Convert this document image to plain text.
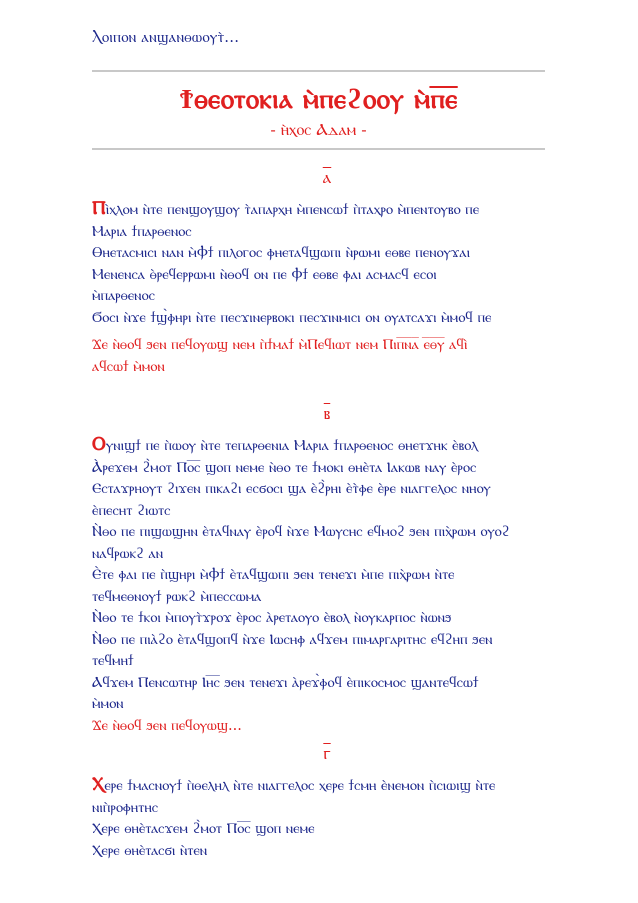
Ⲗⲟⲓⲡⲟⲛ ⲁⲛϣⲁⲛⲑⲱⲟⲩⲧ̀...
Ϯⲑⲉⲟⲧⲟⲕⲓⲁ ⲙ̀ⲡⲉϩⲟⲟⲩ ⲙ̀ⲡ̅ⲉ̅
- ⲏ̀ⲭⲟⲥ Ⲁⲇⲁⲙ -
ⲁ

Ⲡⲓ̀ⲭⲗⲟⲙ ⲛ̀ⲧⲉ ⲡⲉⲛϣⲟⲩϣⲟⲩ ⲧ̀ⲁⲡⲁⲣⲭⲏ ⲙ̀ⲡⲉⲛⲥⲱϯ ⲡ̀ⲧⲁⲭⲣⲟ ⲙ̀ⲡⲉⲛⲧⲟⲩⲃⲟ ⲡⲉ

Ⲙⲁⲣⲓⲁ ϯⲡⲁⲣⲑⲉⲛⲟⲥ

Ⲑⲏⲉⲧⲁⲥⲙⲓⲥⲓ ⲛⲁⲛ ⲙ̀Ⲫϯ ⲡⲓⲗⲟⲅⲟⲥ ⲫⲏⲉⲧⲁϥϣⲱⲡⲓ ⲛ̀ⲣⲱⲙⲓ ⲉⲑⲃⲉ ⲡⲉⲛⲟⲩϫⲁⲓ

Ⲙⲉⲛⲉⲛⲥⲁ ⲑ̀ⲣⲉϥⲉⲣⲣⲱⲙⲓ ⲛ̀ⲑⲟϥ ⲟⲛ ⲡⲉ Ⲫϯ ⲉⲑⲃⲉ ⲫⲁⲓ ⲁⲥⲙⲁⲥϥ ⲉⲥⲟⲓ

ⲙ̀ⲡⲁⲣⲑⲉⲛⲟⲥ

Ϭⲟⲥⲓ ⲛ̀ϫⲉ ϯϣ̀ⲫⲏⲣⲓ ⲛ̀ⲧⲉ ⲡⲉⲥϫⲓⲛⲉⲣⲃⲟⲕⲓ ⲡⲉⲥϫⲓⲛⲙⲓⲥⲓ ⲟⲛ ⲟⲩⲁⲧⲥⲁϫⲓ ⲙ̀ⲙⲟϥ ⲡⲉ

Ϫⲉ ⲛ̀ⲑⲟϥ ϧⲉⲛ ⲡⲉϥⲟⲩⲱϣ ⲛⲉⲙ ⲡ̀ϯⲙⲁϯ ⲙ̀Ⲡⲉϥⲓⲱⲧ ⲛⲉⲙ Ⲡⲓⲡ̅ⲛ̅ⲁ̅ ⲉ̅ⲑ̅ⲩ̅ ⲁϥⲓ̀

ⲁϥⲥⲱϯ ⲙ̀ⲙⲟⲛ

ⲃ

Ⲟⲩⲛⲓϣϯ ⲡⲉ ⲡ̀ⲱⲟⲩ ⲛ̀ⲧⲉ ⲧⲉⲡⲁⲣⲑⲉⲛⲓⲁ Ⲙⲁⲣⲓⲁ ϯⲡⲁⲣⲑⲉⲛⲟⲥ ⲑⲏⲉⲧϫⲏⲕ ⲉ̀ⲃⲟⲗ

Ⲁ̀ⲣⲉϫⲉⲙ ϩ̀ⲙⲟⲧ Ⲡⲟ̅ⲥ̅ ϣⲟⲡ ⲛⲉⲙⲉ ⲛ̀ⲑⲟ ⲧⲉ ϯⲙⲟⲕⲓ ⲑⲏⲉ̀ⲧⲁ Ⲓⲁⲕⲱⲃ ⲛⲁⲩ ⲉ̀ⲣⲟⲥ

Ⲉⲥⲧⲁϫⲣⲏⲟⲩⲧ ϩⲓϫⲉⲛ ⲡⲓⲕⲁϩⲓ ⲉⲥϭⲟⲥⲓ ϣⲁ ⲉ̀ϩ̀ⲣⲏⲓ ⲉ̀ⲧ̀ⲫⲉ ⲉ̀ⲣⲉ ⲛⲓⲁⲅⲅⲉⲗⲟⲥ ⲛⲏⲟⲩ

ⲉ̀ⲡⲉⲥⲏⲧ ϩⲓⲱⲧⲥ

Ⲛ̀ⲑⲟ ⲡⲉ ⲡⲓϣⲱϣⲏⲛ ⲉ̀ⲧⲁϥⲛⲁⲩ ⲉ̀ⲣⲟϥ ⲛ̀ϫⲉ Ⲙⲱⲩⲥⲏⲥ ⲉϥⲙⲟϩ ϧⲉⲛ ⲡⲓⲭ̀ⲣⲱⲙ ⲟⲩⲟϩ

ⲛⲁϥⲣⲱⲕϩ ⲁⲛ

Ⲉ̀ⲧⲉ ⲫⲁⲓ ⲡⲉ ⲡ̀ϣⲏⲣⲓ ⲙ̀Ⲫϯ ⲉ̀ⲧⲁϥϣⲱⲡⲓ ϧⲉⲛ ⲧⲉⲛⲉϫⲓ ⲙ̀ⲡⲉ ⲡⲓⲭ̀ⲣⲱⲙ ⲛ̀ⲧⲉ

ⲧⲉϥⲙⲉⲑⲛⲟⲩϯ ⲣⲱⲕϩ ⲙ̀ⲡⲉⲥⲥⲱⲙⲁ

Ⲛ̀ⲑⲟ ⲧⲉ ϯⲕⲟⲓ ⲙ̀ⲡⲟⲩⲧ̀ϫⲣⲟϫ ⲉ̀ⲣⲟⲥ ⲁ̀ⲣⲉⲧⲁⲟⲩⲟ ⲉ̀ⲃⲟⲗ ⲛ̀ⲟⲩⲕⲁⲣⲡⲟⲥ ⲛ̀ⲱⲛϧ

Ⲛ̀ⲑⲟ ⲡⲉ ⲡⲓⲁ̀ϩⲟ ⲉ̀ⲧⲁϥϣⲟⲡϥ ⲛ̀ϫⲉ Ⲓⲱⲥⲏⲫ ⲁϥϫⲉⲙ ⲡⲓⲙⲁⲣⲅⲁⲣⲓⲧⲏⲥ ⲉϥϩⲏⲡ ϧⲉⲛ

ⲧⲉϥⲙⲏϯ

Ⲁϥϫⲉⲙ Ⲡⲉⲛⲥⲱⲧⲏⲣ Ⲓⲏ̅ⲥ̅ ϧⲉⲛ ⲧⲉⲛⲉϫⲓ ⲁ̀ⲣⲉϫ̀ⲫⲟϥ ⲉ̀ⲡⲓⲕⲟⲥⲙⲟⲥ ϣⲁⲛⲧⲉϥⲥⲱϯ

ⲙ̀ⲙⲟⲛ

Ϫⲉ ⲛ̀ⲑⲟϥ ϧⲉⲛ ⲡⲉϥⲟⲩⲱϣ...

ⲅ

Ⲭⲉⲣⲉ ϯⲙⲁⲥⲛⲟⲩϯ ⲡ̀ⲑⲉⲗⲏⲗ ⲛ̀ⲧⲉ ⲛⲓⲁⲅⲅⲉⲗⲟⲥ ⲭⲉⲣⲉ ϯⲥⲙⲏ ⲉ̀ⲛⲉⲙⲟⲛ ⲡ̀ⲥⲓⲱⲓϣ ⲛ̀ⲧⲉ

ⲛⲓⲡ̀ⲣⲟⲫⲏⲧⲏⲥ

Ⲭⲉⲣⲉ ⲑⲏⲉ̀ⲧⲁⲥϫⲉⲙ ϩ̀ⲙⲟⲧ Ⲡⲟ̅ⲥ̅ ϣⲟⲡ ⲛⲉⲙⲉ

Ⲭⲉⲣⲉ ⲑⲏⲉ̀ⲧⲁⲥϭⲓ ⲛ̀ⲧⲉⲛ
